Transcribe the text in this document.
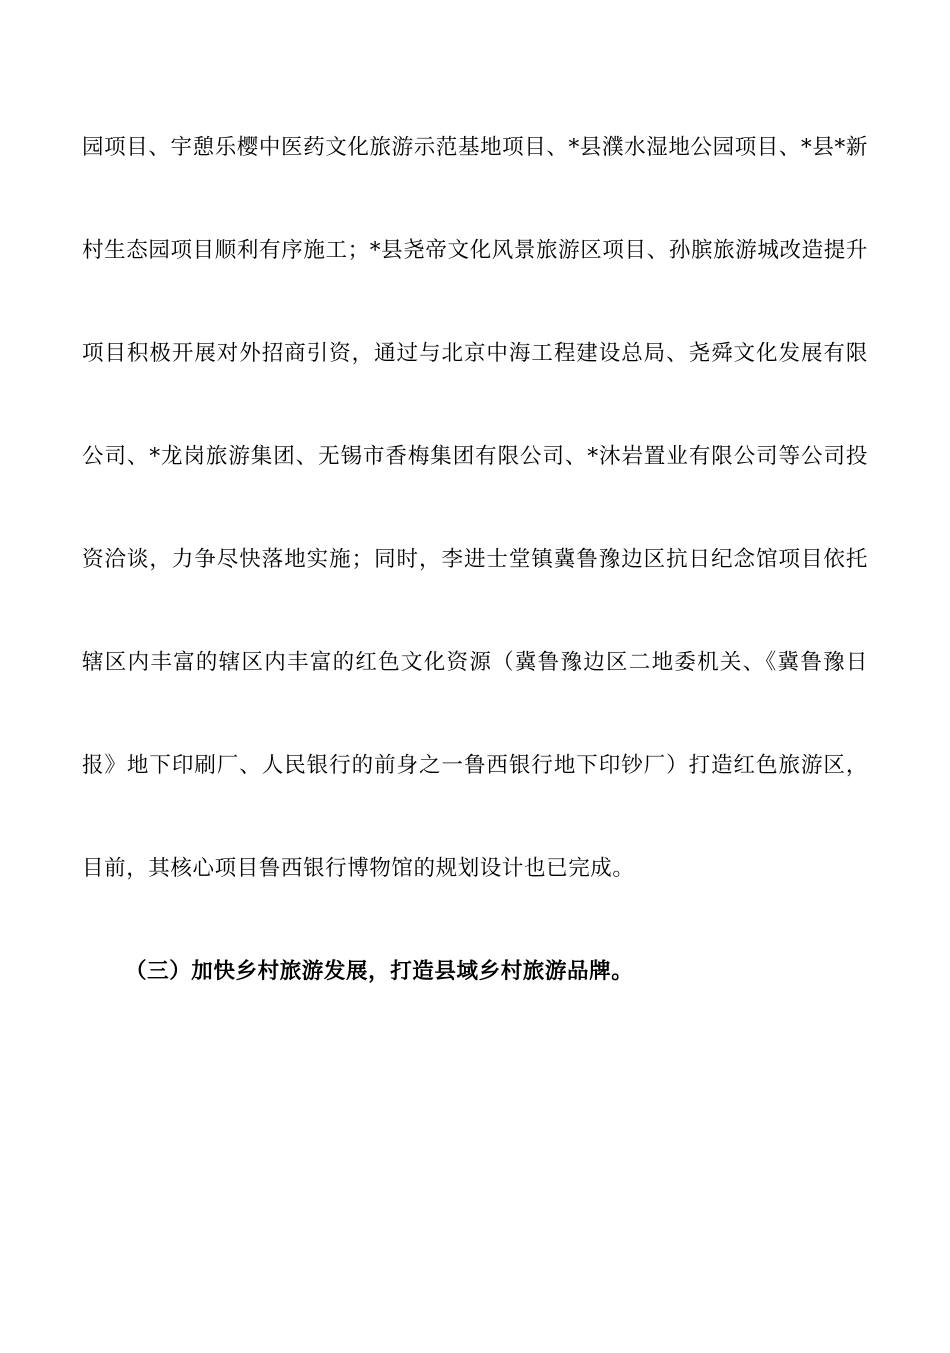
园项目、宇憩乐樱中医药文化旅游示范基地项目、*县濮水湿地公园项目、*县*新村生态园项目顺利有序施工；*县尧帝文化风景旅游区项目、孙膑旅游城改造提升项目积极开展对外招商引资，通过与北京中海工程建设总局、尧舜文化发展有限公司、*龙岗旅游集团、无锡市香梅集团有限公司、*沐岩置业有限公司等公司投资洽谈，力争尽快落地实施；同时，李进士堂镇冀鲁豫边区抗日纪念馆项目依托辖区内丰富的辖区内丰富的红色文化资源（冀鲁豫边区二地委机关、《冀鲁豫日报》地下印刷厂、人民银行的前身之一鲁西银行地下印钞厂）打造红色旅游区，目前，其核心项目鲁西银行博物馆的规划设计也已完成。

（三）加快乡村旅游发展，打造县域乡村旅游品牌。
